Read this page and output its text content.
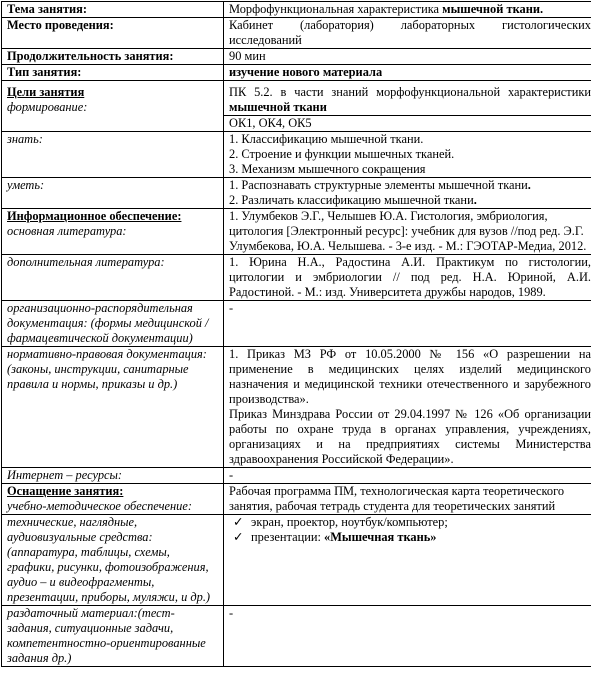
Тема занятия:	Морфофункциональная характеристика мышечной ткани.
Место проведения:	Кабинет (лаборатория) лабораторных гистологических исследований
Продолжительность занятия:	90 мин
Тип занятия:	изучение нового материала

Цели занятия
формирование:	ПК 5.2. в части знаний морфофункциональной характеристики мышечной ткани
	ОК1, ОК4, ОК5
знать:	1. Классификацию мышечной ткани.
2. Строение и функции мышечных тканей.
3. Механизм мышечного сокращения

уметь:	1. Распознавать структурные элементы мышечной ткани.
2. Различать классификацию мышечной ткани.

Информационное обеспечение:
основная литература:	1. Улумбеков Э.Г., Челышев Ю.А. Гистология, эмбриология, цитология [Электронный ресурс]: учебник для вузов //под ред. Э.Г. Улумбекова, Ю.А. Челышева. - 3-е изд. - М.: ГЭОТАР-Медиа, 2012.
дополнительная литература:	1. Юрина Н.А., Радостина А.И. Практикум по гистологии, цитологии и эмбриологии // под ред. Н.А. Юриной, А.И. Радостиной. - М.: изд. Университета дружбы народов, 1989.
организационно-распорядительная документация: (формы медицинской /фармацевтической документации)	-
нормативно-правовая документация: (законы, инструкции, санитарные правила и нормы, приказы и др.)	1. Приказ МЗ РФ от 10.05.2000 № 156 «О разрешении на применение в медицинских целях изделий медицинского назначения и медицинской техники отечественного и зарубежного производства».
Приказ Минздрава России от 29.04.1997 № 126 «Об организации работы по охране труда в органах управления, учреждениях, организациях и на предприятиях системы Министерства здравоохранения Российской Федерации».

Интернет – ресурсы:	-

Оснащение занятия:
учебно-методическое обеспечение:	Рабочая программа ПМ, технологическая карта теоретического занятия, рабочая тетрадь студента для теоретических занятий
технические, наглядные, аудиовизуальные средства: (аппаратура, таблицы, схемы, графики, рисунки, фотоизображения, аудио – и видеофрагменты, презентации, приборы, муляжи, и др.)	✓ экран, проектор, ноутбук/компьютер;
✓ презентации: «Мышечная ткань»

раздаточный материал:(тест-задания, ситуационные задачи, компетентностно-ориентированные задания др.)	-
